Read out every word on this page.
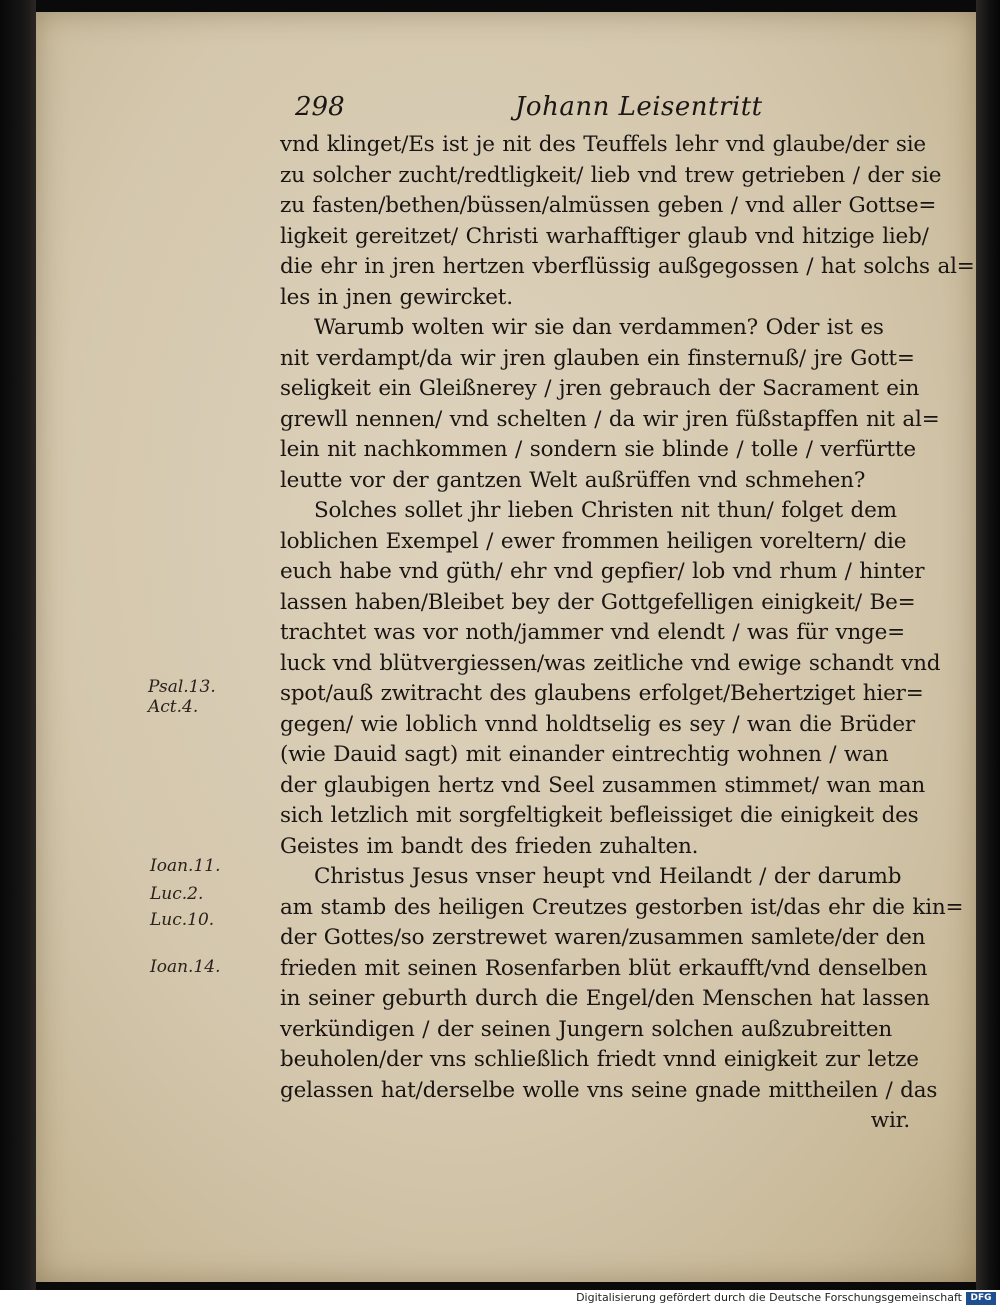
298	Johann Leisentritt
vnd klinget/Es ist je nit des Teuffels lehr vnd glaube/der sie
zu solcher zucht/redtligkeit/ lieb vnd trew getrieben / der sie
zu fasten/bethen/büssen/almüssen geben / vnd aller Gottse=
ligkeit gereitzet/ Christi warhafftiger glaub vnd hitzige lieb/
die ehr in jren hertzen vberflüssig außgegossen / hat solchs al=
les in jnen gewircket.
Warumb wolten wir sie dan verdammen? Oder ist es
nit verdampt/da wir jren glauben ein finsternuß/ jre Gott=
seligkeit ein Gleißnerey / jren gebrauch der Sacrament ein
grewll nennen/ vnd schelten / da wir jren füßstapffen nit al=
lein nit nachkommen / sondern sie blinde / tolle / verfürtte
leutte vor der gantzen Welt außrüffen vnd schmehen?
Solches sollet jhr lieben Christen nit thun/ folget dem
loblichen Exempel / ewer frommen heiligen voreltern/ die
euch habe vnd güth/ ehr vnd gepfier/ lob vnd rhum / hinter
lassen haben/Bleibet bey der Gottgefelligen einigkeit/ Be=
trachtet was vor noth/jammer vnd elendt / was für vnge=
luck vnd blütvergiessen/was zeitliche vnd ewige schandt vnd
spot/auß zwitracht des glaubens erfolget/Behertziget hier=
gegen/ wie loblich vnnd holdtselig es sey / wan die Brüder
(wie Dauid sagt) mit einander eintrechtig wohnen / wan
der glaubigen hertz vnd Seel zusammen stimmet/ wan man
sich letzlich mit sorgfeltigkeit befleissiget die einigkeit des
Geistes im bandt des frieden zuhalten.
Christus Jesus vnser heupt vnd Heilandt / der darumb
am stamb des heiligen Creutzes gestorben ist/das ehr die kin=
der Gottes/so zerstrewet waren/zusammen samlete/der den
frieden mit seinen Rosenfarben blüt erkaufft/vnd denselben
in seiner geburth durch die Engel/den Menschen hat lassen
verkündigen / der seinen Jungern solchen außzubreitten
beuholen/der vns schließlich friedt vnnd einigkeit zur letze
gelassen hat/derselbe wolle vns seine gnade mittheilen / das
wir.
Psal.13.
Act.4.
Ioan.11.
Luc.2.
Luc.10.
Ioan.14.
Digitalisierung gefördert durch die Deutsche Forschungsgemeinschaft DFG
